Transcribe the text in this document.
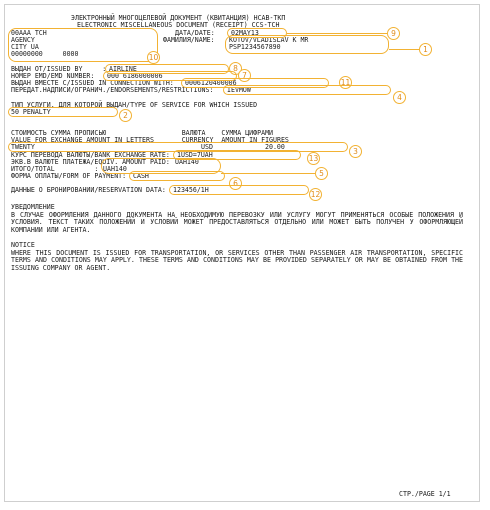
ЭЛЕКТРОННЫЙ МНОГОЦЕЛЕВОЙ ДОКУМЕНТ (КВИТАНЦИЯ) НСАВ-ТКП
ELECTRONIC MISCELLANEOUS DOCUMENT (RECEIPT) CCS-TCH
00AAA TCH
AGENCY
CITY UA
00000000     0000
ДАТА/DATE: 02MAY13
ФАМИЛИЯ/NAME: KOTOV/VLADISLAV K MR
PSP1234567890
ВЫДАН ОТ/ISSUED BY     : AIRLINE
НОМЕР EMD/EMD NUMBER: 000 6186000006
ВЫДАН ВМЕСТЕ С/ISSUED IN CONNECTION WITH: 0006120400006
ПЕРЕДАТ.НАДПИСИ/ОГРАНИЧ./ENDORSEMENTS/RESTRICTIONS: IEVMOW
ТИП УСЛУГИ, ДЛЯ КОТОРОЙ ВЫДАН/TYPE OF SERVICE FOR WHICH ISSUED
50 PENALTY
СТОИМОСТЬ СУММА ПРОПИСЬЮ                   ВАЛЮТА    СУММА ЦИФРАМИ
VALUE FOR EXCHANGE AMOUNT IN LETTERS       CURRENCY  AMOUNT IN FIGURES
TWENTY	USD	20.00
КУРС ПЕРЕВОДА ВАЛЮТЫ/BANK EXCHANGE RATE: 1USD=7UAH
ЭКВ.В ВАЛЮТЕ ПЛАТЕЖА/EQUIV. AMOUNT PAID: UAH140
ИТОГО/TOTAL          : UAH140
ФОРМА ОПЛАТЫ/FORM OF PAYMENT: CASH
ДАННЫЕ О БРОНИРОВАНИИ/RESERVATION DATA: 123456/1H
УВЕДОМЛЕНИЕ
В СЛУЧАЕ ОФОРМЛЕНИЯ ДАННОГО ДОКУМЕНТА НА НЕОБХОДИМУЮ ПЕРЕВОЗКУ ИЛИ УСЛУГУ МОГУТ ПРИМЕНЯТЬСЯ ОСОБЫЕ ПОЛОЖЕНИЯ И УСЛОВИЯ. ТЕКСТ ТАКИХ ПОЛОЖЕНИЙ И УСЛОВИЙ МОЖЕТ ПРЕДОСТАВЛЯТЬСЯ ОТДЕЛЬНО ИЛИ МОЖЕТ БЫТЬ ПОЛУЧЕН У ОФОРМЛЯЮЩЕЙ КОМПАНИИ ИЛИ АГЕНТА.
NOTICE
WHERE THIS DOCUMENT IS ISSUED FOR TRANSPORTATION, OR SERVICES OTHER THAN PASSENGER AIR TRANSPORTATION, SPECIFIC TERMS AND CONDITIONS MAY APPLY. THESE TERMS AND CONDITIONS MAY BE PROVIDED SEPARATELY OR MAY BE OBTAINED FROM THE ISSUING COMPANY OR AGENT.
СТР./PAGE 1/1
10
9
1
8
7
11
4
2
3
13
5
6
12
